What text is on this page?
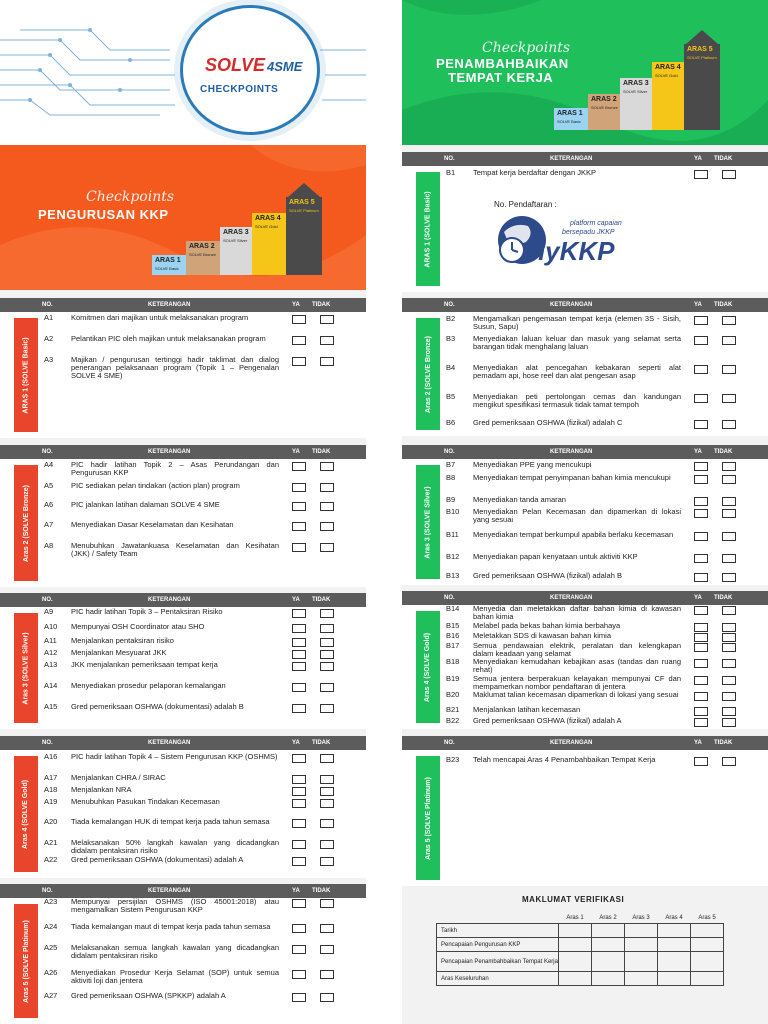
SOLVE 4SME
CHECKPOINTS
Checkpoints
PENGURUSAN KKP
ARAS 1
SOLVE Basic
ARAS 2
SOLVE Bronze
ARAS 3
SOLVE Silver
ARAS 4
SOLVE Gold
ARAS 5
SOLVE Platinum
NO.	KETERANGAN	YA TIDAK
ARAS 1 (SOLVE Basic)
A1 Komitmen dari majikan untuk melaksanakan program
A2 Pelantikan PIC oleh majikan untuk melaksanakan program
A3 Majikan / pengurusan tertinggi hadir taklimat dan dialog penerangan pelaksanaan program (Topik 1 – Pengenalan SOLVE 4 SME)
NO.	KETERANGAN	YA TIDAK
Aras 2 (SOLVE Bronze)
A4 PIC hadir latihan Topik 2 – Asas Perundangan dan Pengurusan KKP
A5 PIC sediakan pelan tindakan (action plan) program
A6 PIC jalankan latihan dalaman SOLVE 4 SME
A7 Menyediakan Dasar Keselamatan dan Kesihatan
A8 Menubuhkan Jawatankuasa Keselamatan dan Kesihatan (JKK) / Safety Team
NO.	KETERANGAN	YA TIDAK
Aras 3 (SOLVE Silver)
A9 PIC hadir latihan Topik 3 – Pentaksiran Risiko
A10 Mempunyai OSH Coordinator atau SHO
A11 Menjalankan pentaksiran risiko
A12 Menjalankan Mesyuarat JKK
A13 JKK menjalankan pemeriksaan tempat kerja
A14 Menyediakan prosedur pelaporan kemalangan
A15 Gred pemeriksaan OSHWA (dokumentasi) adalah B
NO.	KETERANGAN	YA TIDAK
Aras 4 (SOLVE Gold)
A16 PIC hadir latihan Topik 4 – Sistem Pengurusan KKP (OSHMS)
A17 Menjalankan CHRA / SIRAC
A18 Menjalankan NRA
A19 Menubuhkan Pasukan Tindakan Kecemasan
A20 Tiada kemalangan HUK di tempat kerja pada tahun semasa
A21 Melaksanakan 50% langkah kawalan yang dicadangkan didalam pentaksiran risiko
A22 Gred pemeriksaan OSHWA (dokumentasi) adalah A
NO.	KETERANGAN	YA TIDAK
Aras 5 (SOLVE Platinum)
A23 Mempunyai persijilan OSHMS (ISO 45001:2018) atau mengamalkan Sistem Pengurusan KKP
A24 Tiada kemalangan maut di tempat kerja pada tahun semasa
A25 Melaksanakan semua langkah kawalan yang dicadangkan didalam pentaksiran risiko
A26 Menyediakan Prosedur Kerja Selamat (SOP) untuk semua aktiviti loji dan jentera
A27 Gred pemeriksaan OSHWA (SPKKP) adalah A
Checkpoints
PENAMBAHBAIKAN
TEMPAT KERJA
ARAS 1
SOLVE Basic
ARAS 2
SOLVE Bronze
ARAS 3
SOLVE Silver
ARAS 4
SOLVE Gold
ARAS 5
SOLVE Platinum
NO.	KETERANGAN	YA TIDAK
ARAS 1 (SOLVE Basic)
B1 Tempat kerja berdaftar dengan JKKP
No. Pendaftaran :
platform capaian
bersepadu JKKP
myKKP
NO.	KETERANGAN	YA TIDAK
Aras 2 (SOLVE Bronze)
B2 Mengamalkan pengemasan tempat kerja (elemen 3S - Sisih, Susun, Sapu)
B3 Menyediakan laluan keluar dan masuk yang selamat serta barangan tidak menghalang laluan
B4 Menyediakan alat pencegahan kebakaran seperti alat pemadam api, hose reel dan alat pengesan asap
B5 Menyediakan peti pertolongan cemas dan kandungan mengikut spesifikasi termasuk tidak tamat tempoh
B6 Gred pemeriksaan OSHWA (fizikal) adalah C
NO.	KETERANGAN	YA TIDAK
Aras 3 (SOLVE Silver)
B7 Menyediakan PPE yang mencukupi
B8 Menyediakan tempat penyimpanan bahan kimia mencukupi
B9 Menyediakan tanda amaran
B10 Menyediakan Pelan Kecemasan dan dipamerkan di lokasi yang sesuai
B11 Menyediakan tempat berkumpul apabila berlaku kecemasan
B12 Menyediakan papan kenyataan untuk aktiviti KKP
B13 Gred pemeriksaan OSHWA (fizikal) adalah B
NO.	KETERANGAN	YA TIDAK
Aras 4 (SOLVE Gold)
B14 Menyedia dan meletakkan daftar bahan kimia di kawasan bahan kimia
B15 Melabel pada bekas bahan kimia berbahaya
B16 Meletakkan SDS di kawasan bahan kimia
B17 Semua pendawaian elektrik, peralatan dan kelengkapan dalam keadaan yang selamat
B18 Menyediakan kemudahan kebajikan asas (tandas dan ruang rehat)
B19 Semua jentera berperakuan kelayakan mempunyai CF dan mempamerkan nombor pendaftaran di jentera
B20 Maklumat talian kecemasan dipamerkan di lokasi yang sesuai
B21 Menjalankan latihan kecemasan
B22 Gred pemeriksaan OSHWA (fizikal) adalah A
NO.	KETERANGAN	YA TIDAK
Aras 5 (SOLVE Platinum)
B23 Telah mencapai Aras 4 Penambahbaikan Tempat Kerja
MAKLUMAT VERIFIKASI
	Aras 1	Aras 2	Aras 3	Aras 4	Aras 5
Tarikh					
Pencapaian Pengurusan KKP					
Pencapaian Penambahbaikan Tempat Kerja					
Aras Keseluruhan					
